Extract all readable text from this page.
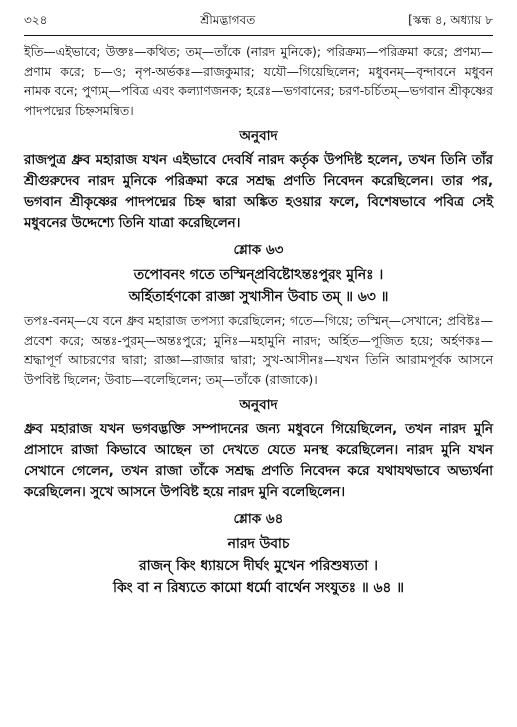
৩২৪	শ্রীমদ্ভাগবত	[স্কন্ধ ৪, অধ্যায় ৮

ইতি—এইভাবে; উক্তঃ—কথিত; তম্—তাঁকে (নারদ মুনিকে); পরিক্রম্য—পরিক্রমা করে; প্রণম্য—প্রণাম করে; চ—ও; নৃপ-অর্ভকঃ—রাজকুমার; যযৌ—গিয়েছিলেন; মধুবনম্—বৃন্দাবনে মধুবন নামক বনে; পুণ্যম্—পবিত্র এবং কল্যাণজনক; হরেঃ—ভগবানের; চরণ-চর্চিতম্—ভগবান শ্রীকৃষ্ণের পাদপদ্মের চিহ্নসমন্বিত।

অনুবাদ

রাজপুত্র ধ্রুব মহারাজ যখন এইভাবে দেবর্ষি নারদ কর্তৃক উপদিষ্ট হলেন, তখন তিনি তাঁর শ্রীগুরুদেব নারদ মুনিকে পরিক্রমা করে সশ্রদ্ধ প্রণতি নিবেদন করেছিলেন। তার পর, ভগবান শ্রীকৃষ্ণের পাদপদ্মের চিহ্ন দ্বারা অঙ্কিত হওয়ার ফলে, বিশেষভাবে পবিত্র সেই মধুবনের উদ্দেশ্যে তিনি যাত্রা করেছিলেন।

শ্লোক ৬৩
তপোবনং গতে তস্মিন্প্রবিষ্টোঽন্তঃপুরং মুনিঃ ।
অর্হিতার্হণকো রাজ্ঞা সুখাসীন উবাচ তম্ ॥ ৬৩ ॥

তপঃ-বনম্—যে বনে ধ্রুব মহারাজ তপস্যা করেছিলেন; গতে—গিয়ে; তস্মিন্—সেখানে; প্রবিষ্টঃ—প্রবেশ করে; অন্তঃ-পুরম্—অন্তঃপুরে; মুনিঃ—মহামুনি নারদ; অর্হিত—পূজিত হয়ে; অর্হণকঃ—শ্রদ্ধাপূর্ণ আচরণের দ্বারা; রাজ্ঞা—রাজার দ্বারা; সুখ-আসীনঃ—যখন তিনি আরামপূর্বক আসনে উপবিষ্ট ছিলেন; উবাচ—বলেছিলেন; তম্—তাঁকে (রাজাকে)।

অনুবাদ

ধ্রুব মহারাজ যখন ভগবদ্ভক্তি সম্পাদনের জন্য মধুবনে গিয়েছিলেন, তখন নারদ মুনি প্রাসাদে রাজা কিভাবে আছেন তা দেখতে যেতে মনস্থ করেছিলেন। নারদ মুনি যখন সেখানে গেলেন, তখন রাজা তাঁকে সশ্রদ্ধ প্রণতি নিবেদন করে যথাযথভাবে অভ্যর্থনা করেছিলেন। সুখে আসনে উপবিষ্ট হয়ে নারদ মুনি বলেছিলেন।

শ্লোক ৬৪
নারদ উবাচ
রাজন্ কিং ধ্যায়সে দীর্ঘং মুখেন পরিশুষ্যতা ।
কিং বা ন রিষ্যতে কামো ধর্মো বার্থেন সংযুতঃ ॥ ৬৪ ॥
